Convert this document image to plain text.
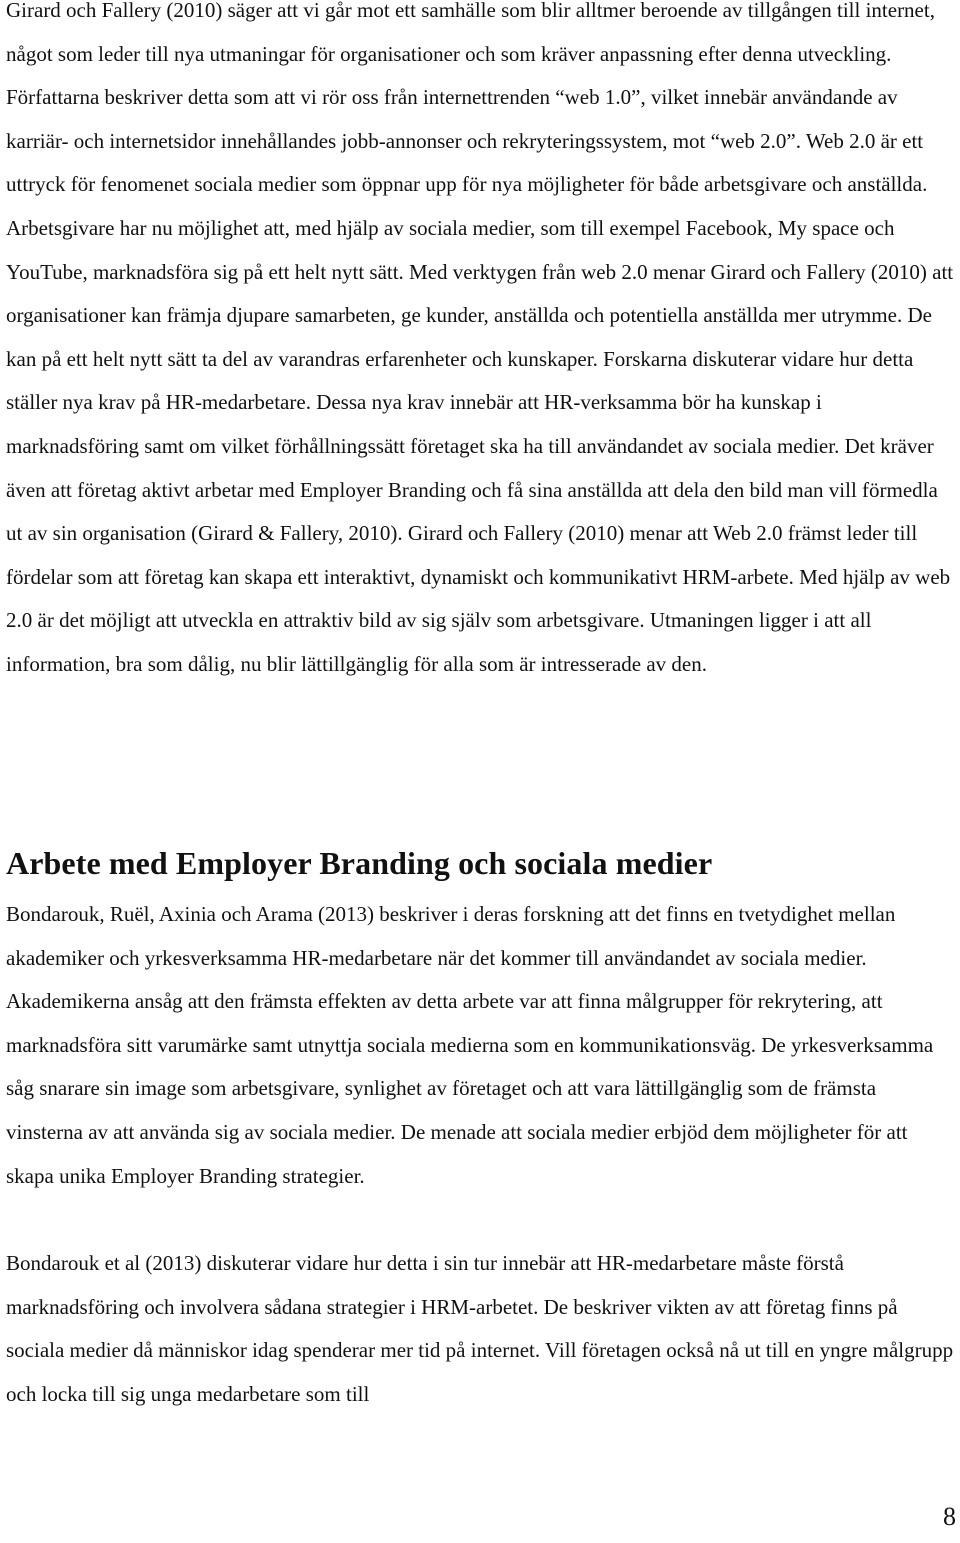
Girard och Fallery (2010) säger att vi går mot ett samhälle som blir alltmer beroende av tillgången till internet, något som leder till nya utmaningar för organisationer och som kräver anpassning efter denna utveckling. Författarna beskriver detta som att vi rör oss från internettrenden “web 1.0”, vilket innebär användande av karriär- och internetsidor innehållandes jobb-annonser och rekryteringssystem, mot “web 2.0”. Web 2.0 är ett uttryck för fenomenet sociala medier som öppnar upp för nya möjligheter för både arbetsgivare och anställda. Arbetsgivare har nu möjlighet att, med hjälp av sociala medier, som till exempel Facebook, My space och YouTube, marknadsföra sig på ett helt nytt sätt. Med verktygen från web 2.0 menar Girard och Fallery (2010) att organisationer kan främja djupare samarbeten, ge kunder, anställda och potentiella anställda mer utrymme. De kan på ett helt nytt sätt ta del av varandras erfarenheter och kunskaper. Forskarna diskuterar vidare hur detta ställer nya krav på HR-medarbetare. Dessa nya krav innebär att HR-verksamma bör ha kunskap i marknadsföring samt om vilket förhållningssätt företaget ska ha till användandet av sociala medier. Det kräver även att företag aktivt arbetar med Employer Branding och få sina anställda att dela den bild man vill förmedla ut av sin organisation (Girard & Fallery, 2010). Girard och Fallery (2010) menar att Web 2.0 främst leder till fördelar som att företag kan skapa ett interaktivt, dynamiskt och kommunikativt HRM-arbete. Med hjälp av web 2.0 är det möjligt att utveckla en attraktiv bild av sig själv som arbetsgivare. Utmaningen ligger i att all information, bra som dålig, nu blir lättillgänglig för alla som är intresserade av den.

Arbete med Employer Branding och sociala medier

Bondarouk, Ruël, Axinia och Arama (2013) beskriver i deras forskning att det finns en tvetydighet mellan akademiker och yrkesverksamma HR-medarbetare när det kommer till användandet av sociala medier. Akademikerna ansåg att den främsta effekten av detta arbete var att finna målgrupper för rekrytering, att marknadsföra sitt varumärke samt utnyttja sociala medierna som en kommunikationsväg. De yrkesverksamma såg snarare sin image som arbetsgivare, synlighet av företaget och att vara lättillgänglig som de främsta vinsterna av att använda sig av sociala medier. De menade att sociala medier erbjöd dem möjligheter för att skapa unika Employer Branding strategier.

Bondarouk et al (2013) diskuterar vidare hur detta i sin tur innebär att HR-medarbetare måste förstå marknadsföring och involvera sådana strategier i HRM-arbetet. De beskriver vikten av att företag finns på sociala medier då människor idag spenderar mer tid på internet. Vill företagen också nå ut till en yngre målgrupp och locka till sig unga medarbetare som till

8
